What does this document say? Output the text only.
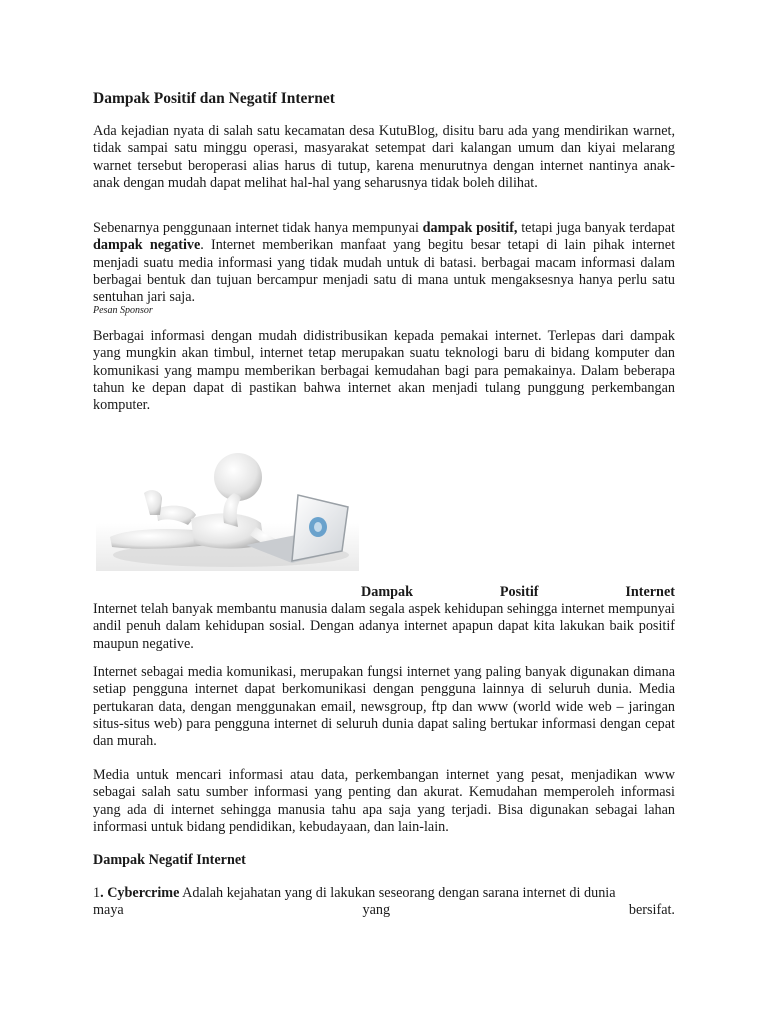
Dampak Positif dan Negatif Internet

Ada kejadian nyata di salah satu kecamatan desa KutuBlog, disitu baru ada yang mendirikan warnet, tidak sampai satu minggu operasi, masyarakat setempat dari kalangan umum dan kiyai melarang warnet tersebut beroperasi alias harus di tutup, karena menurutnya dengan internet nantinya anak-anak dengan mudah dapat melihat hal-hal yang seharusnya tidak boleh dilihat.

Sebenarnya penggunaan internet tidak hanya mempunyai dampak positif, tetapi juga banyak terdapat dampak negative. Internet memberikan manfaat yang begitu besar tetapi di lain pihak internet menjadi suatu media informasi yang tidak mudah untuk di batasi. berbagai macam informasi dalam berbagai bentuk dan tujuan bercampur menjadi satu di mana untuk mengaksesnya hanya perlu satu sentuhan jari saja.

Pesan Sponsor

Berbagai informasi dengan mudah didistribusikan kepada pemakai internet. Terlepas dari dampak yang mungkin akan timbul, internet tetap merupakan suatu teknologi baru di bidang komputer dan komunikasi yang mampu memberikan berbagai kemudahan bagi para pemakainya. Dalam beberapa tahun ke depan dapat di pastikan bahwa internet akan menjadi tulang punggung perkembangan komputer.

Dampak	Positif	Internet

Internet telah banyak membantu manusia dalam segala aspek kehidupan sehingga internet mempunyai andil penuh dalam kehidupan sosial. Dengan adanya internet apapun dapat kita lakukan baik positif maupun negative.

Internet sebagai media komunikasi, merupakan fungsi internet yang paling banyak digunakan dimana setiap pengguna internet dapat berkomunikasi dengan pengguna lainnya di seluruh dunia. Media pertukaran data, dengan menggunakan email, newsgroup, ftp dan www (world wide web – jaringan situs-situs web) para pengguna internet di seluruh dunia dapat saling bertukar informasi dengan cepat dan murah.

Media untuk mencari informasi atau data, perkembangan internet yang pesat, menjadikan www sebagai salah satu sumber informasi yang penting dan akurat. Kemudahan memperoleh informasi yang ada di internet sehingga manusia tahu apa saja yang terjadi. Bisa digunakan sebagai lahan informasi untuk bidang pendidikan, kebudayaan, dan lain-lain.

Dampak Negatif Internet

1. Cybercrime Adalah kejahatan yang di lakukan seseorang dengan sarana internet di dunia

maya	yang	bersifat.
